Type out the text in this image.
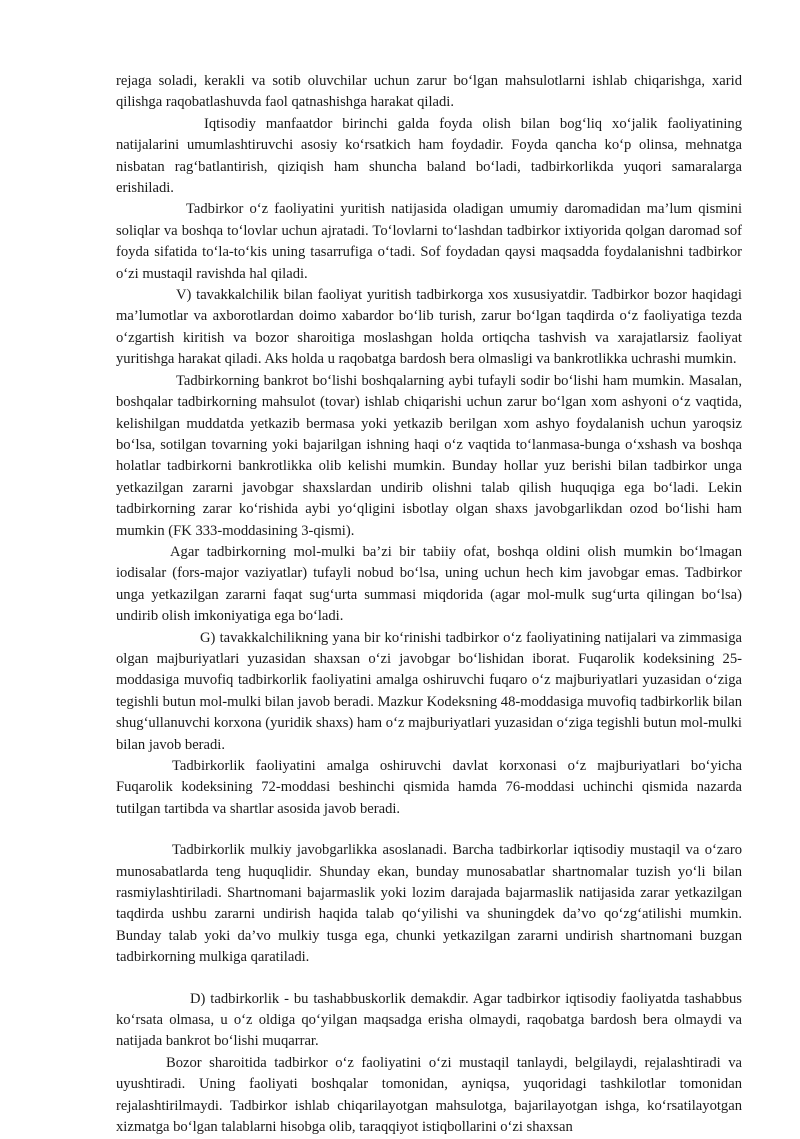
rejaga soladi, kerakli va sotib oluvchilar uchun zarur bo‘lgan mahsulotlarni ishlab chiqarishga, xarid qilishga raqobatlashuvda faol qatnashishga harakat qiladi.

Iqtisodiy manfaatdor birinchi galda foyda olish bilan bog‘liq xo‘jalik faoliyatining natijalarini umumlashtiruvchi asosiy ko‘rsatkich ham foydadir. Foyda qancha ko‘p olinsa, mehnatga nisbatan rag‘batlantirish, qiziqish ham shuncha baland bo‘ladi, tadbirkorlikda yuqori samaralarga erishiladi.

Tadbirkor o‘z faoliyatini yuritish natijasida oladigan umumiy daromadidan ma’lum qismini soliqlar va boshqa to‘lovlar uchun ajratadi. To‘lovlarni to‘lashdan tadbirkor ixtiyorida qolgan daromad sof foyda sifatida to‘la-to‘kis uning tasarrufiga o‘tadi. Sof foydadan qaysi maqsadda foydalanishni tadbirkor o‘zi mustaqil ravishda hal qiladi.

V) tavakkalchilik bilan faoliyat yuritish tadbirkorga xos xususiyatdir. Tadbirkor bozor haqidagi ma’lumotlar va axborotlardan doimo xabardor bo‘lib turish, zarur bo‘lgan taqdirda o‘z faoliyatiga tezda o‘zgartish kiritish va bozor sharoitiga moslashgan holda ortiqcha tashvish va xarajatlarsiz faoliyat yuritishga harakat qiladi. Aks holda u raqobatga bardosh bera olmasligi va bankrotlikka uchrashi mumkin.

Tadbirkorning bankrot bo‘lishi boshqalarning aybi tufayli sodir bo‘lishi ham mumkin. Masalan, boshqalar tadbirkorning mahsulot (tovar) ishlab chiqarishi uchun zarur bo‘lgan xom ashyoni o‘z vaqtida, kelishilgan muddatda yetkazib bermasa yoki yetkazib berilgan xom ashyo foydalanish uchun yaroqsiz bo‘lsa, sotilgan tovarning yoki bajarilgan ishning haqi o‘z vaqtida to‘lanmasa-bunga o‘xshash va boshqa holatlar tadbirkorni bankrotlikka olib kelishi mumkin. Bunday hollar yuz berishi bilan tadbirkor unga yetkazilgan zararni javobgar shaxslardan undirib olishni talab qilish huquqiga ega bo‘ladi. Lekin tadbirkorning zarar ko‘rishida aybi yo‘qligini isbotlay olgan shaxs javobgarlikdan ozod bo‘lishi ham mumkin (FK 333-moddasining 3-qismi).

Agar tadbirkorning mol-mulki ba’zi bir tabiiy ofat, boshqa oldini olish mumkin bo‘lmagan iodisalar (fors-major vaziyatlar) tufayli nobud bo‘lsa, uning uchun hech kim javobgar emas. Tadbirkor unga yetkazilgan zararni faqat sug‘urta summasi miqdorida (agar mol-mulk sug‘urta qilingan bo‘lsa) undirib olish imkoniyatiga ega bo‘ladi.

G) tavakkalchilikning yana bir ko‘rinishi tadbirkor o‘z faoliyatining natijalari va zimmasiga olgan majburiyatlari yuzasidan shaxsan o‘zi javobgar bo‘lishidan iborat. Fuqarolik kodeksining 25-moddasiga muvofiq tadbirkorlik faoliyatini amalga oshiruvchi fuqaro o‘z majburiyatlari yuzasidan o‘ziga tegishli butun mol-mulki bilan javob beradi. Mazkur Kodeksning 48-moddasiga muvofiq tadbirkorlik bilan shug‘ullanuvchi korxona (yuridik shaxs) ham o‘z majburiyatlari yuzasidan o‘ziga tegishli butun mol-mulki bilan javob beradi.

Tadbirkorlik faoliyatini amalga oshiruvchi davlat korxonasi o‘z majburiyatlari bo‘yicha Fuqarolik kodeksining 72-moddasi beshinchi qismida hamda 76-moddasi uchinchi qismida nazarda tutilgan tartibda va shartlar asosida javob beradi.

Tadbirkorlik mulkiy javobgarlikka asoslanadi. Barcha tadbirkorlar iqtisodiy mustaqil va o‘zaro munosabatlarda teng huquqlidir. Shunday ekan, bunday munosabatlar shartnomalar tuzish yo‘li bilan rasmiylashtiriladi. Shartnomani bajarmaslik yoki lozim darajada bajarmaslik natijasida zarar yetkazilgan taqdirda ushbu zararni undirish haqida talab qo‘yilishi va shuningdek da’vo qo‘zg‘atilishi mumkin. Bunday talab yoki da’vo mulkiy tusga ega, chunki yetkazilgan zararni undirish shartnomani buzgan tadbirkorning mulkiga qaratiladi.

D) tadbirkorlik - bu tashabbuskorlik demakdir. Agar tadbirkor iqtisodiy faoliyatda tashabbus ko‘rsata olmasa, u o‘z oldiga qo‘yilgan maqsadga erisha olmaydi, raqobatga bardosh bera olmaydi va natijada bankrot bo‘lishi muqarrar.

Bozor sharoitida tadbirkor o‘z faoliyatini o‘zi mustaqil tanlaydi, belgilaydi, rejalashtiradi va uyushtiradi. Uning faoliyati boshqalar tomonidan, ayniqsa, yuqoridagi tashkilotlar tomonidan rejalashtirilmaydi. Tadbirkor ishlab chiqarilayotgan mahsulotga, bajarilayotgan ishga, ko‘rsatilayotgan xizmatga bo‘lgan talablarni hisobga olib, taraqqiyot istiqbollarini o‘zi shaxsan
